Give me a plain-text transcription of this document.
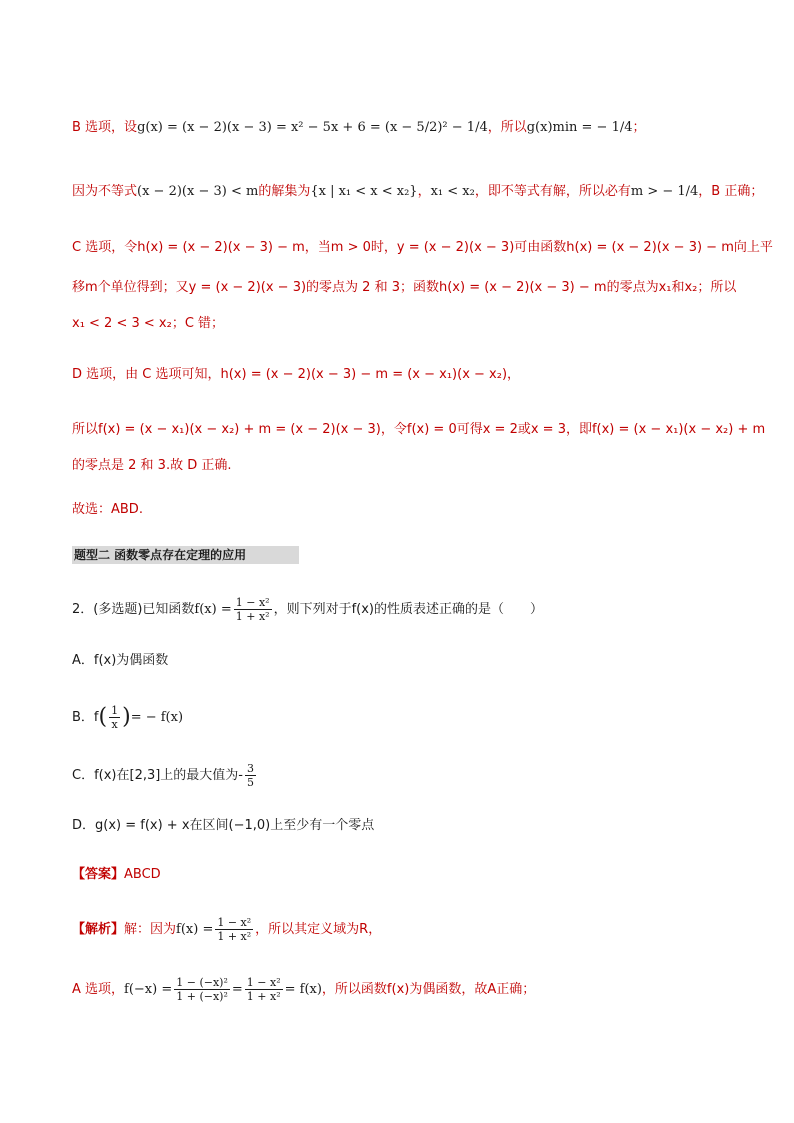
B 选项，设g(x) = (x − 2)(x − 3) = x² − 5x + 6 = (x − 5/2)² − 1/4，所以g(x)min = − 1/4；
因为不等式(x − 2)(x − 3) < m的解集为{x | x₁ < x < x₂}，x₁ < x₂，即不等式有解，所以必有m > − 1/4，B 正确；
C 选项，令h(x) = (x − 2)(x − 3) − m，当m > 0时，y = (x − 2)(x − 3)可由函数h(x) = (x − 2)(x − 3) − m向上平
移m个单位得到；又y = (x − 2)(x − 3)的零点为 2 和 3；函数h(x) = (x − 2)(x − 3) − m的零点为x₁和x₂；所以
x₁ < 2 < 3 < x₂；C 错；
D 选项，由 C 选项可知，h(x) = (x − 2)(x − 3) − m = (x − x₁)(x − x₂)，
所以f(x) = (x − x₁)(x − x₂) + m = (x − 2)(x − 3)，令f(x) = 0可得x = 2或x = 3，即f(x) = (x − x₁)(x − x₂) + m
的零点是 2 和 3.故 D 正确.
故选：ABD.
题型二 函数零点存在定理的应用
2．(多选题)已知函数$f(x) = \frac{\text{1 − x²}}{\text{1 + x²}}$ ，则下列对于f(x)的性质表述正确的是（　　）
A．f(x)为偶函数
B．$f( \frac{1}{x}$ )= − f(x)
C．f(x)在[2,3]上的最大值为- $\frac{3}{5}$
D．g(x) = f(x) + x在区间(−1,0)上至少有一个零点
【答案】ABCD
【解析】解：因为$f(x) = \frac{\text{1 − x²}}{\text{1 + x²}}$ ，所以其定义域为R，
A 选项，$f(-x) = \frac{\text{1 − (−x)²}}{\text{1 + (−x)²}} = \frac{\text{1 − x²}}{\text{1 + x²}} = f(x)$，所以函数f(x)为偶函数，故A正确；
